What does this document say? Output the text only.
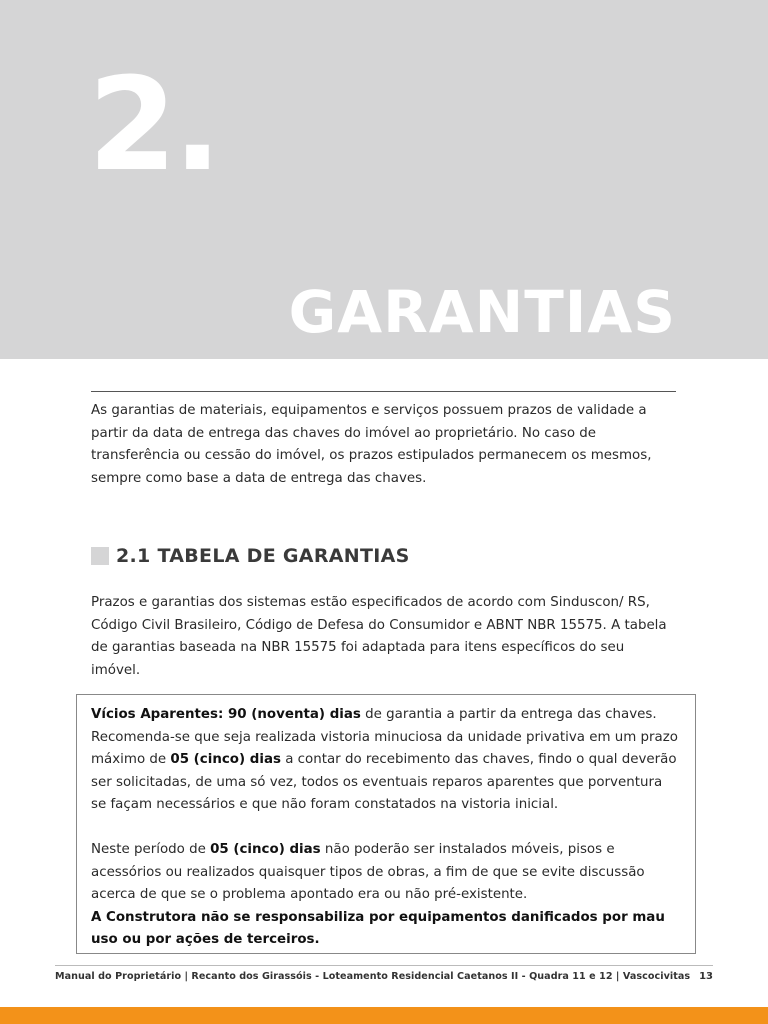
2.
GARANTIAS

As garantias de materiais, equipamentos e serviços possuem prazos de validade a partir da data de entrega das chaves do imóvel ao proprietário. No caso de transferência ou cessão do imóvel, os prazos estipulados permanecem os mesmos, sempre como base a data de entrega das chaves.

2.1 TABELA DE GARANTIAS

Prazos e garantias dos sistemas estão especificados de acordo com Sinduscon/ RS, Código Civil Brasileiro, Código de Defesa do Consumidor e ABNT NBR 15575. A tabela de garantias baseada na NBR 15575 foi adaptada para itens específicos do seu imóvel.

Vícios Aparentes: 90 (noventa) dias de garantia a partir da entrega das chaves. Recomenda-se que seja realizada vistoria minuciosa da unidade privativa em um prazo máximo de 05 (cinco) dias a contar do recebimento das chaves, findo o qual deverão ser solicitadas, de uma só vez, todos os eventuais reparos aparentes que porventura se façam necessários e que não foram constatados na vistoria inicial.

Neste período de 05 (cinco) dias não poderão ser instalados móveis, pisos e acessórios ou realizados quaisquer tipos de obras, a fim de que se evite discussão acerca de que se o problema apontado era ou não pré-existente.

A Construtora não se responsabiliza por equipamentos danificados por mau uso ou por ações de terceiros.

Manual do Proprietário | Recanto dos Girassóis - Loteamento Residencial Caetanos II - Quadra 11 e 12 | Vascocivitas 13
